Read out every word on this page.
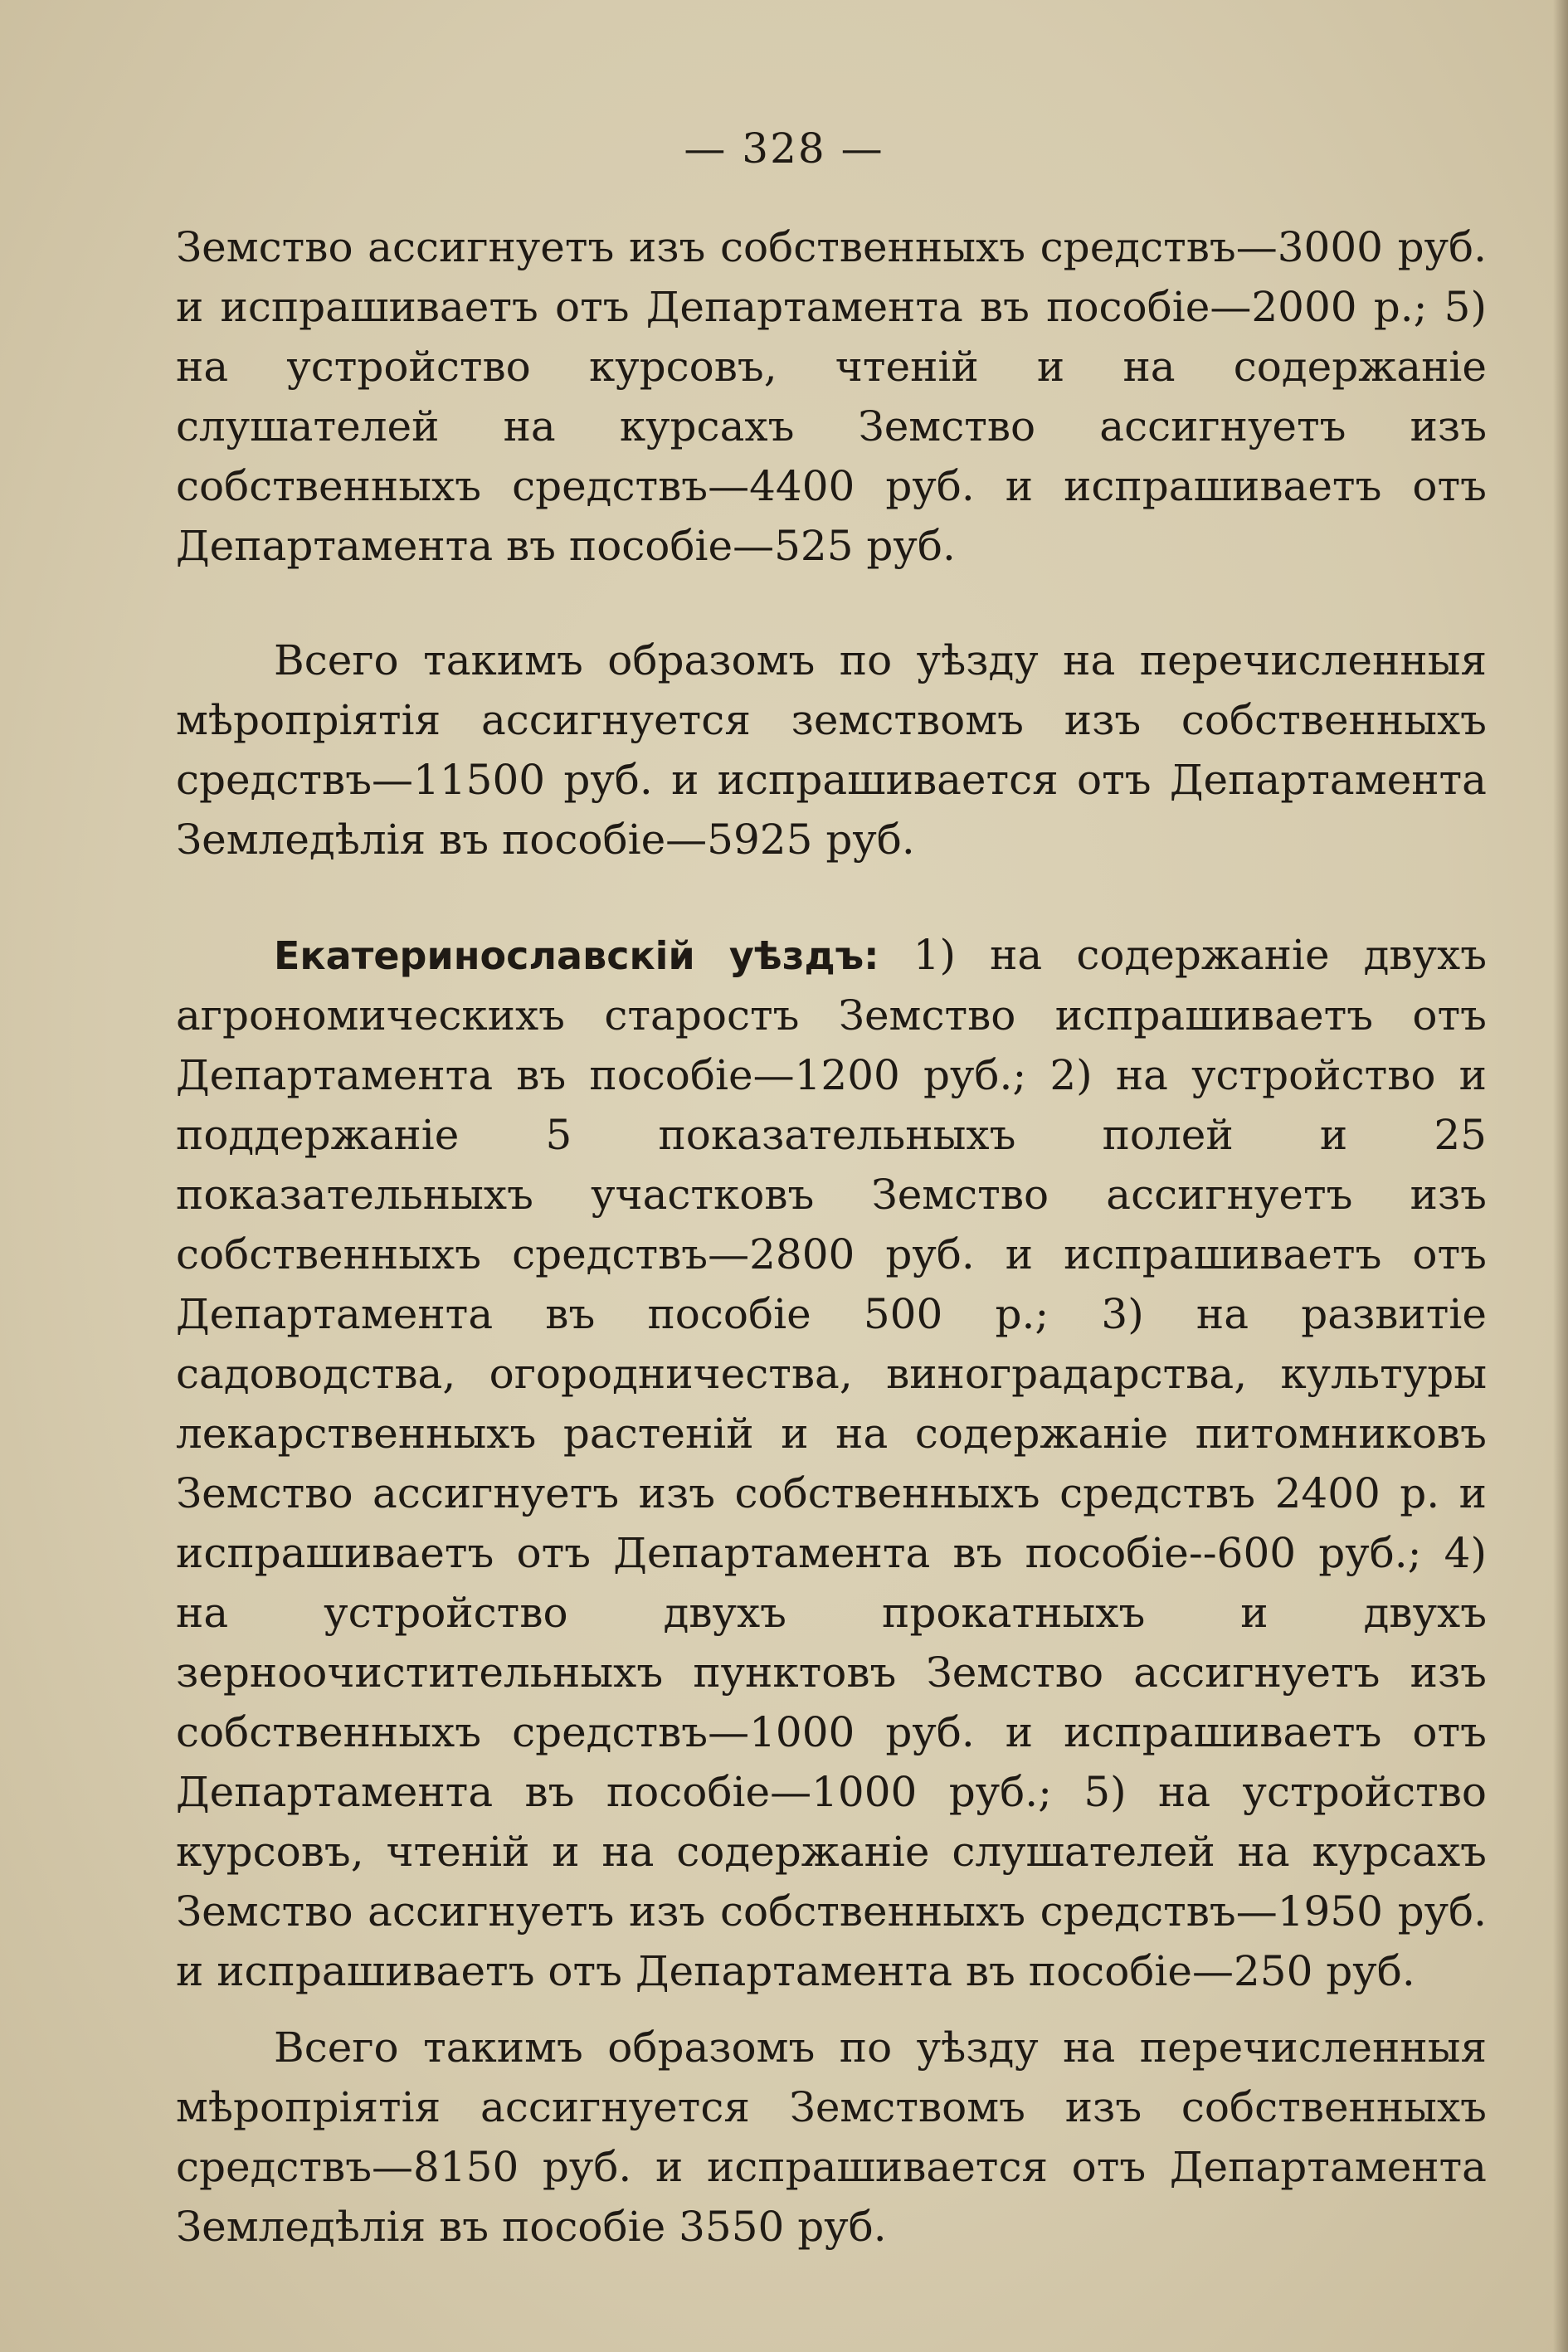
— 328 —

Земство ассигнуетъ изъ собственныхъ средствъ—3000 руб. и испрашиваетъ отъ Департамента въ пособіе—2000 р.; 5) на устройство курсовъ, чтеній и на содержаніе слушателей на курсахъ Земство ассигнуетъ изъ собственныхъ средствъ—4400 руб. и испрашиваетъ отъ Департамента въ пособіе—525 руб.

Всего такимъ образомъ по уѣзду на перечисленныя мѣропріятія ассигнуется земствомъ изъ собственныхъ средствъ—11500 руб. и испрашивается отъ Департамента Земледѣлія въ пособіе—5925 руб.

Екатеринославскій уѣздъ: 1) на содержаніе двухъ агрономическихъ старостъ Земство испрашиваетъ отъ Департамента въ пособіе—1200 руб.; 2) на устройство и поддержаніе 5 показательныхъ полей и 25 показательныхъ участковъ Земство ассигнуетъ изъ собственныхъ средствъ—2800 руб. и испрашиваетъ отъ Департамента въ пособіе 500 р.; 3) на развитіе садоводства, огородничества, виноградарства, культуры лекарственныхъ растеній и на содержаніе питомниковъ Земство ассигнуетъ изъ собственныхъ средствъ 2400 р. и испрашиваетъ отъ Департамента въ пособіе--600 руб.; 4) на устройство двухъ прокатныхъ и двухъ зерноочистительныхъ пунктовъ Земство ассигнуетъ изъ собственныхъ средствъ—1000 руб. и испрашиваетъ отъ Департамента въ пособіе—1000 руб.; 5) на устройство курсовъ, чтеній и на содержаніе слушателей на курсахъ Земство ассигнуетъ изъ собственныхъ средствъ—1950 руб. и испрашиваетъ отъ Департамента въ пособіе—250 руб.

Всего такимъ образомъ по уѣзду на перечисленныя мѣропріятія ассигнуется Земствомъ изъ собственныхъ средствъ—8150 руб. и испрашивается отъ Департамента Земледѣлія въ пособіе 3550 руб.
